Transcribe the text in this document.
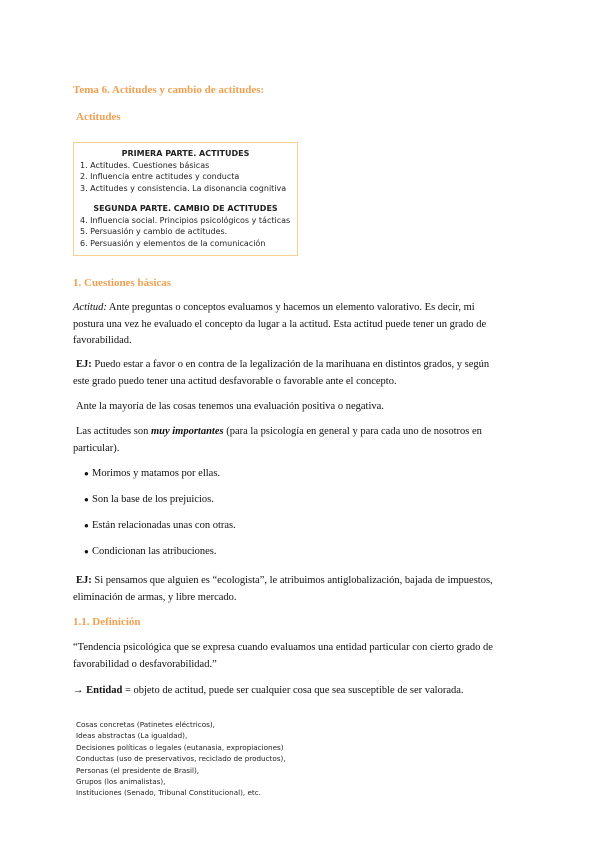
Tema 6. Actitudes y cambio de actitudes:
Actitudes
PRIMERA PARTE. ACTITUDES
1. Actitudes. Cuestiones básicas
2. Influencia entre actitudes y conducta
3. Actitudes y consistencia. La disonancia cognitiva
SEGUNDA PARTE. CAMBIO DE ACTITUDES
4. Influencia social. Principios psicológicos y tácticas
5. Persuasión y cambio de actitudes.
6. Persuasión y elementos de la comunicación
1. Cuestiones básicas
Actitud: Ante preguntas o conceptos evaluamos y hacemos un elemento valorativo. Es decir, mi
postura una vez he evaluado el concepto da lugar a la actitud. Esta actitud puede tener un grado de
favorabilidad.
EJ: Puedo estar a favor o en contra de la legalización de la marihuana en distintos grados, y según
este grado puedo tener una actitud desfavorable o favorable ante el concepto.
Ante la mayoría de las cosas tenemos una evaluación positiva o negativa.
Las actitudes son muy importantes (para la psicología en general y para cada uno de nosotros en
particular).
● Morimos y matamos por ellas.
● Son la base de los prejuicios.
● Están relacionadas unas con otras.
● Condicionan las atribuciones.
EJ: Si pensamos que alguien es “ecologista”, le atribuimos antiglobalización, bajada de impuestos,
eliminación de armas, y libre mercado.
1.1. Definición
“Tendencia psicológica que se expresa cuando evaluamos una entidad particular con cierto grado de
favorabilidad o desfavorabilidad.”
→ Entidad = objeto de actitud, puede ser cualquier cosa que sea susceptible de ser valorada.
Cosas concretas (Patinetes eléctricos),
Ideas abstractas (La igualdad),
Decisiones políticas o legales (eutanasia, expropiaciones)
Conductas (uso de preservativos, reciclado de productos),
Personas (el presidente de Brasil),
Grupos (los animalistas),
Instituciones (Senado, Tribunal Constitucional), etc.
